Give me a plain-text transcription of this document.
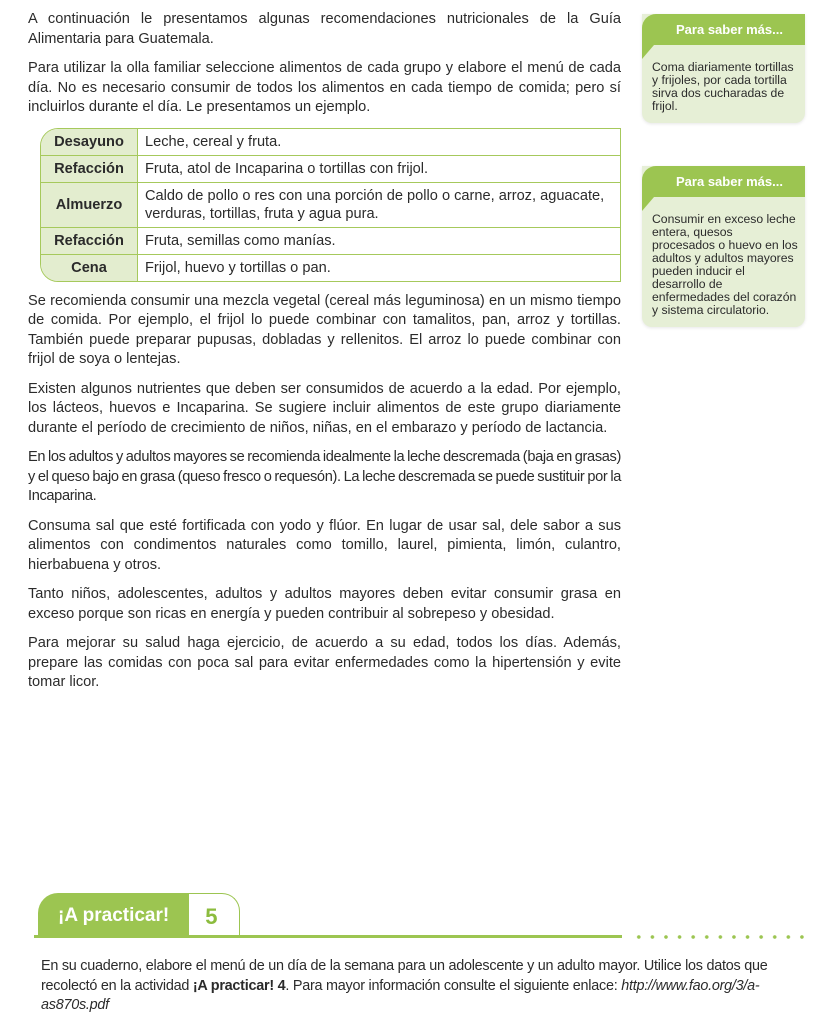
A continuación le presentamos algunas recomendaciones nutricionales de la Guía Alimentaria para Guatemala.

Para utilizar la olla familiar seleccione alimentos de cada grupo y elabore el menú de cada día. No es necesario consumir de todos los alimentos en cada tiempo de comida; pero sí incluirlos durante el día. Le presentamos un ejemplo.

Desayuno	Leche, cereal y fruta.
Refacción	Fruta, atol de Incaparina o tortillas con frijol.
Almuerzo	Caldo de pollo o res con una porción de pollo o carne, arroz, aguacate, verduras, tortillas, fruta y agua pura.
Refacción	Fruta, semillas como manías.
Cena	Frijol, huevo y tortillas o pan.

Se recomienda consumir una mezcla vegetal (cereal más leguminosa) en un mismo tiempo de comida. Por ejemplo, el frijol lo puede combinar con tamalitos, pan, arroz y tortillas. También puede preparar pupusas, dobladas y rellenitos. El arroz lo puede combinar con frijol de soya o lentejas.

Existen algunos nutrientes que deben ser consumidos de acuerdo a la edad. Por ejemplo, los lácteos, huevos e Incaparina. Se sugiere incluir alimentos de este grupo diariamente durante el período de crecimiento de niños, niñas, en el embarazo y período de lactancia.

En los adultos y adultos mayores se recomienda idealmente la leche descremada (baja en grasas) y el queso bajo en grasa (queso fresco o requesón). La leche descremada se puede sustituir por la Incaparina.

Consuma sal que esté fortificada con yodo y flúor. En lugar de usar sal, dele sabor a sus alimentos con condimentos naturales como tomillo, laurel, pimienta, limón, culantro, hierbabuena y otros.

Tanto niños, adolescentes, adultos y adultos mayores deben evitar consumir grasa en exceso porque son ricas en energía y pueden contribuir al sobrepeso y obesidad.

Para mejorar su salud haga ejercicio, de acuerdo a su edad, todos los días. Además, prepare las comidas con poca sal para evitar enfermedades como la hipertensión y evite tomar licor.

Para saber más...
Coma diariamente tortillas y frijoles, por cada tortilla sirva dos cucharadas de frijol.
Para saber más...
Consumir en exceso leche entera, quesos procesados o huevo en los adultos y adultos mayores pueden inducir el desarrollo de enfermedades del corazón y sistema circulatorio.
¡A practicar!	5
En su cuaderno, elabore el menú de un día de la semana para un adolescente y un adulto mayor. Utilice los datos que recolectó en la actividad ¡A practicar! 4. Para mayor información consulte el siguiente enlace: http://www.fao.org/3/a-as870s.pdf
